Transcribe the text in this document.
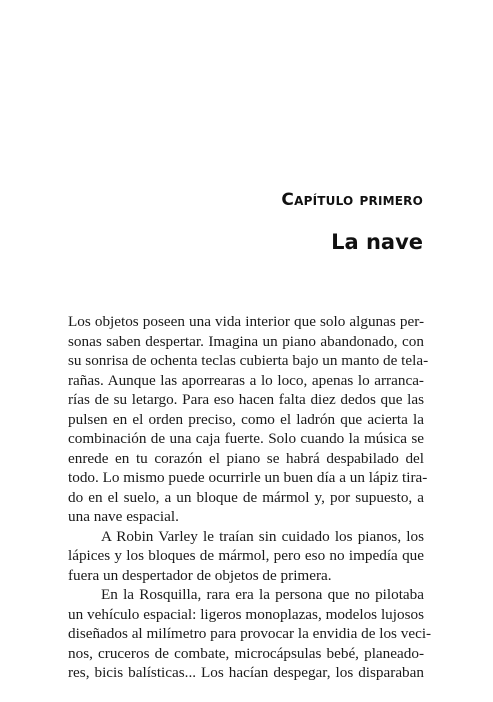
Capítulo primero
La nave
Los objetos poseen una vida interior que solo algunas per-
sonas saben despertar. Imagina un piano abandonado, con
su sonrisa de ochenta teclas cubierta bajo un manto de tela-
rañas. Aunque las aporrearas a lo loco, apenas lo arranca-
rías de su letargo. Para eso hacen falta diez dedos que las
pulsen en el orden preciso, como el ladrón que acierta la
combinación de una caja fuerte. Solo cuando la música se
enrede en tu corazón el piano se habrá despabilado del
todo. Lo mismo puede ocurrirle un buen día a un lápiz tira-
do en el suelo, a un bloque de mármol y, por supuesto, a
una nave espacial.
A Robin Varley le traían sin cuidado los pianos, los
lápices y los bloques de mármol, pero eso no impedía que
fuera un despertador de objetos de primera.
En la Rosquilla, rara era la persona que no pilotaba
un vehículo espacial: ligeros monoplazas, modelos lujosos
diseñados al milímetro para provocar la envidia de los veci-
nos, cruceros de combate, microcápsulas bebé, planeado-
res, bicis balísticas... Los hacían despegar, los disparaban
